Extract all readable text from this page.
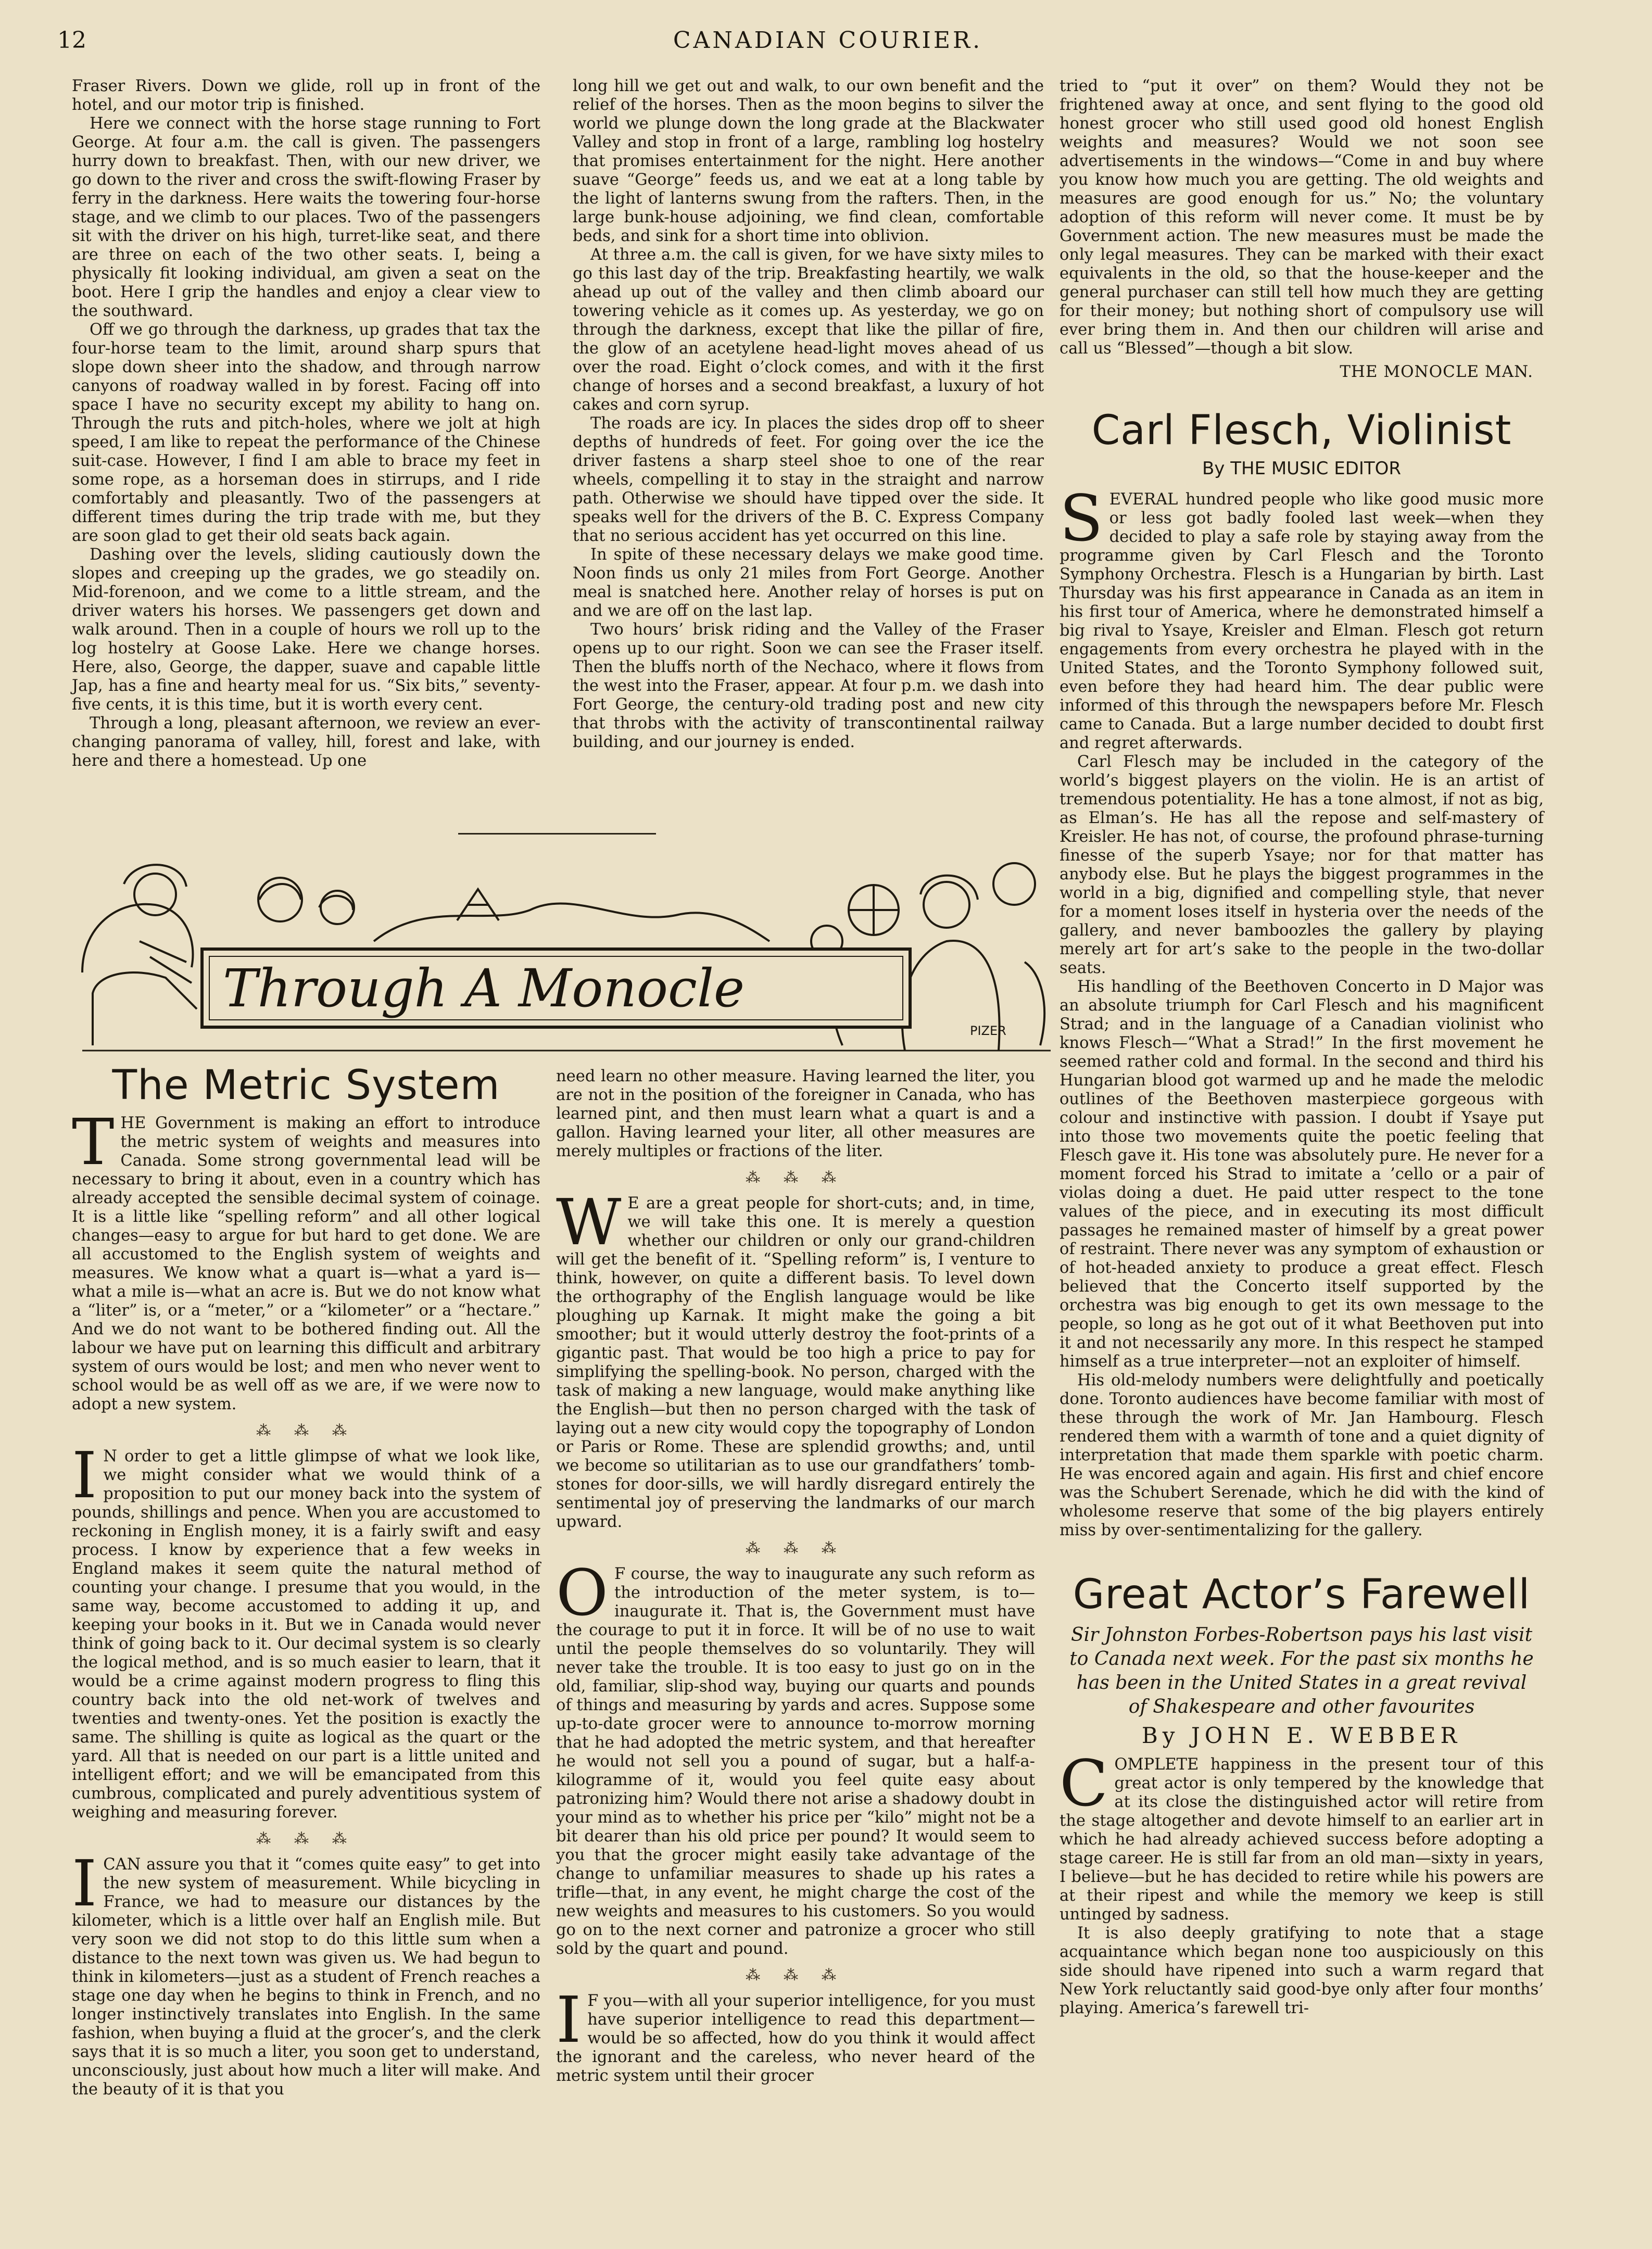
12	CANADIAN COURIER.

Fraser Rivers. Down we glide, roll up in front of the hotel, and our motor trip is finished.

Here we connect with the horse stage running to Fort George. At four a.m. the call is given. The passengers hurry down to breakfast. Then, with our new driver, we go down to the river and cross the swift-flowing Fraser by ferry in the darkness. Here waits the towering four-horse stage, and we climb to our places. Two of the passengers sit with the driver on his high, turret-like seat, and there are three on each of the two other seats. I, being a physically fit looking individual, am given a seat on the boot. Here I grip the handles and enjoy a clear view to the southward.

Off we go through the darkness, up grades that tax the four-horse team to the limit, around sharp spurs that slope down sheer into the shadow, and through narrow canyons of roadway walled in by forest. Facing off into space I have no security except my ability to hang on. Through the ruts and pitch-holes, where we jolt at high speed, I am like to repeat the performance of the Chinese suit-case. However, I find I am able to brace my feet in some rope, as a horseman does in stirrups, and I ride comfortably and pleasantly. Two of the passengers at different times during the trip trade with me, but they are soon glad to get their old seats back again.

Dashing over the levels, sliding cautiously down the slopes and creeping up the grades, we go steadily on. Mid-forenoon, and we come to a little stream, and the driver waters his horses. We passengers get down and walk around. Then in a couple of hours we roll up to the log hostelry at Goose Lake. Here we change horses. Here, also, George, the dapper, suave and capable little Jap, has a fine and hearty meal for us. “Six bits,” seventy-five cents, it is this time, but it is worth every cent.

Through a long, pleasant afternoon, we review an ever-changing panorama of valley, hill, forest and lake, with here and there a homestead. Up one

long hill we get out and walk, to our own benefit and the relief of the horses. Then as the moon begins to silver the world we plunge down the long grade at the Blackwater Valley and stop in front of a large, rambling log hostelry that promises entertainment for the night. Here another suave “George” feeds us, and we eat at a long table by the light of lanterns swung from the rafters. Then, in the large bunk-house adjoining, we find clean, comfortable beds, and sink for a short time into oblivion.

At three a.m. the call is given, for we have sixty miles to go this last day of the trip. Breakfasting heartily, we walk ahead up out of the valley and then climb aboard our towering vehicle as it comes up. As yesterday, we go on through the darkness, except that like the pillar of fire, the glow of an acetylene head-light moves ahead of us over the road. Eight o’clock comes, and with it the first change of horses and a second breakfast, a luxury of hot cakes and corn syrup.

The roads are icy. In places the sides drop off to sheer depths of hundreds of feet. For going over the ice the driver fastens a sharp steel shoe to one of the rear wheels, compelling it to stay in the straight and narrow path. Otherwise we should have tipped over the side. It speaks well for the drivers of the B. C. Express Company that no serious accident has yet occurred on this line.

In spite of these necessary delays we make good time. Noon finds us only 21 miles from Fort George. Another meal is snatched here. Another relay of horses is put on and we are off on the last lap.

Two hours’ brisk riding and the Valley of the Fraser opens up to our right. Soon we can see the Fraser itself. Then the bluffs north of the Nechaco, where it flows from the west into the Fraser, appear. At four p.m. we dash into Fort George, the century-old trading post and new city that throbs with the activity of transcontinental railway building, and our journey is ended.

Through A Monocle
PIZER
The Metric System

THE Government is making an effort to introduce the metric system of weights and measures into Canada. Some strong governmental lead will be necessary to bring it about, even in a country which has already accepted the sensible decimal system of coinage. It is a little like “spelling reform” and all other logical changes—easy to argue for but hard to get done. We are all accustomed to the English system of weights and measures. We know what a quart is—what a yard is—what a mile is—what an acre is. But we do not know what a “liter” is, or a “meter,” or a “kilometer” or a “hectare.” And we do not want to be bothered finding out. All the labour we have put on learning this difficult and arbitrary system of ours would be lost; and men who never went to school would be as well off as we are, if we were now to adopt a new system.

⁂ ⁂ ⁂

I N order to get a little glimpse of what we look like, we might consider what we would think of a proposition to put our money back into the system of pounds, shillings and pence. When you are accustomed to reckoning in English money, it is a fairly swift and easy process. I know by experience that a few weeks in England makes it seem quite the natural method of counting your change. I presume that you would, in the same way, become accustomed to adding it up, and keeping your books in it. But we in Canada would never think of going back to it. Our decimal system is so clearly the logical method, and is so much easier to learn, that it would be a crime against modern progress to fling this country back into the old net-work of twelves and twenties and twenty-ones. Yet the position is exactly the same. The shilling is quite as logical as the quart or the yard. All that is needed on our part is a little united and intelligent effort; and we will be emancipated from this cumbrous, complicated and purely adventitious system of weighing and measuring forever.

⁂ ⁂ ⁂

I CAN assure you that it “comes quite easy” to get into the new system of measurement. While bicycling in France, we had to measure our distances by the kilometer, which is a little over half an English mile. But very soon we did not stop to do this little sum when a distance to the next town was given us. We had begun to think in kilometers—just as a student of French reaches a stage one day when he begins to think in French, and no longer instinctively translates into English. In the same fashion, when buying a fluid at the grocer’s, and the clerk says that it is so much a liter, you soon get to understand, unconsciously, just about how much a liter will make. And the beauty of it is that you

need learn no other measure. Having learned the liter, you are not in the position of the foreigner in Canada, who has learned pint, and then must learn what a quart is and a gallon. Having learned your liter, all other measures are merely multiples or fractions of the liter.

⁂ ⁂ ⁂

W E are a great people for short-cuts; and, in time, we will take this one. It is merely a question whether our children or only our grand-children will get the benefit of it. “Spelling reform” is, I venture to think, however, on quite a different basis. To level down the orthography of the English language would be like ploughing up Karnak. It might make the going a bit smoother; but it would utterly destroy the foot-prints of a gigantic past. That would be too high a price to pay for simplifying the spelling-book. No person, charged with the task of making a new language, would make anything like the English—but then no person charged with the task of laying out a new city would copy the topography of London or Paris or Rome. These are splendid growths; and, until we become so utilitarian as to use our grandfathers’ tomb-stones for door-sills, we will hardly disregard entirely the sentimental joy of preserving the landmarks of our march upward.

⁂ ⁂ ⁂

O F course, the way to inaugurate any such reform as the introduction of the meter system, is to—inaugurate it. That is, the Government must have the courage to put it in force. It will be of no use to wait until the people themselves do so voluntarily. They will never take the trouble. It is too easy to just go on in the old, familiar, slip-shod way, buying our quarts and pounds of things and measuring by yards and acres. Suppose some up-to-date grocer were to announce to-morrow morning that he had adopted the metric system, and that hereafter he would not sell you a pound of sugar, but a half-a-kilogramme of it, would you feel quite easy about patronizing him? Would there not arise a shadowy doubt in your mind as to whether his price per “kilo” might not be a bit dearer than his old price per pound? It would seem to you that the grocer might easily take advantage of the change to unfamiliar measures to shade up his rates a trifle—that, in any event, he might charge the cost of the new weights and measures to his customers. So you would go on to the next corner and patronize a grocer who still sold by the quart and pound.

⁂ ⁂ ⁂

I F you—with all your superior intelligence, for you must have superior intelligence to read this department—would be so affected, how do you think it would affect the ignorant and the careless, who never heard of the metric system until their grocer

tried to “put it over” on them? Would they not be frightened away at once, and sent flying to the good old honest grocer who still used good old honest English weights and measures? Would we not soon see advertisements in the windows—“Come in and buy where you know how much you are getting. The old weights and measures are good enough for us.” No; the voluntary adoption of this reform will never come. It must be by Government action. The new measures must be made the only legal measures. They can be marked with their exact equivalents in the old, so that the house-keeper and the general purchaser can still tell how much they are getting for their money; but nothing short of compulsory use will ever bring them in. And then our children will arise and call us “Blessed”—though a bit slow.

THE MONOCLE MAN.
Carl Flesch, Violinist
By THE MUSIC EDITOR

SEVERAL hundred people who like good music more or less got badly fooled last week—when they decided to play a safe role by staying away from the programme given by Carl Flesch and the Toronto Symphony Orchestra. Flesch is a Hungarian by birth. Last Thursday was his first appearance in Canada as an item in his first tour of America, where he demonstrated himself a big rival to Ysaye, Kreisler and Elman. Flesch got return engagements from every orchestra he played with in the United States, and the Toronto Symphony followed suit, even before they had heard him. The dear public were informed of this through the newspapers before Mr. Flesch came to Canada. But a large number decided to doubt first and regret afterwards.

Carl Flesch may be included in the category of the world’s biggest players on the violin. He is an artist of tremendous potentiality. He has a tone almost, if not as big, as Elman’s. He has all the repose and self-mastery of Kreisler. He has not, of course, the profound phrase-turning finesse of the superb Ysaye; nor for that matter has anybody else. But he plays the biggest programmes in the world in a big, dignified and compelling style, that never for a moment loses itself in hysteria over the needs of the gallery, and never bamboozles the gallery by playing merely art for art’s sake to the people in the two-dollar seats.

His handling of the Beethoven Concerto in D Major was an absolute triumph for Carl Flesch and his magnificent Strad; and in the language of a Canadian violinist who knows Flesch—“What a Strad!” In the first movement he seemed rather cold and formal. In the second and third his Hungarian blood got warmed up and he made the melodic outlines of the Beethoven masterpiece gorgeous with colour and instinctive with passion. I doubt if Ysaye put into those two movements quite the poetic feeling that Flesch gave it. His tone was absolutely pure. He never for a moment forced his Strad to imitate a ’cello or a pair of violas doing a duet. He paid utter respect to the tone values of the piece, and in executing its most difficult passages he remained master of himself by a great power of restraint. There never was any symptom of exhaustion or of hot-headed anxiety to produce a great effect. Flesch believed that the Concerto itself supported by the orchestra was big enough to get its own message to the people, so long as he got out of it what Beethoven put into it and not necessarily any more. In this respect he stamped himself as a true interpreter—not an exploiter of himself.

His old-melody numbers were delightfully and poetically done. Toronto audiences have become familiar with most of these through the work of Mr. Jan Hambourg. Flesch rendered them with a warmth of tone and a quiet dignity of interpretation that made them sparkle with poetic charm. He was encored again and again. His first and chief encore was the Schubert Serenade, which he did with the kind of wholesome reserve that some of the big players entirely miss by over-sentimentalizing for the gallery.

Great Actor’s Farewell
Sir Johnston Forbes-Robertson pays his last visit to Canada next week. For the past six months he has been in the United States in a great revival of Shakespeare and other favourites
By JOHN E. WEBBER

COMPLETE happiness in the present tour of this great actor is only tempered by the knowledge that at its close the distinguished actor will retire from the stage altogether and devote himself to an earlier art in which he had already achieved success before adopting a stage career. He is still far from an old man—sixty in years, I believe—but he has decided to retire while his powers are at their ripest and while the memory we keep is still untinged by sadness.

It is also deeply gratifying to note that a stage acquaintance which began none too auspiciously on this side should have ripened into such a warm regard that New York reluctantly said good-bye only after four months’ playing. America’s farewell tri-
